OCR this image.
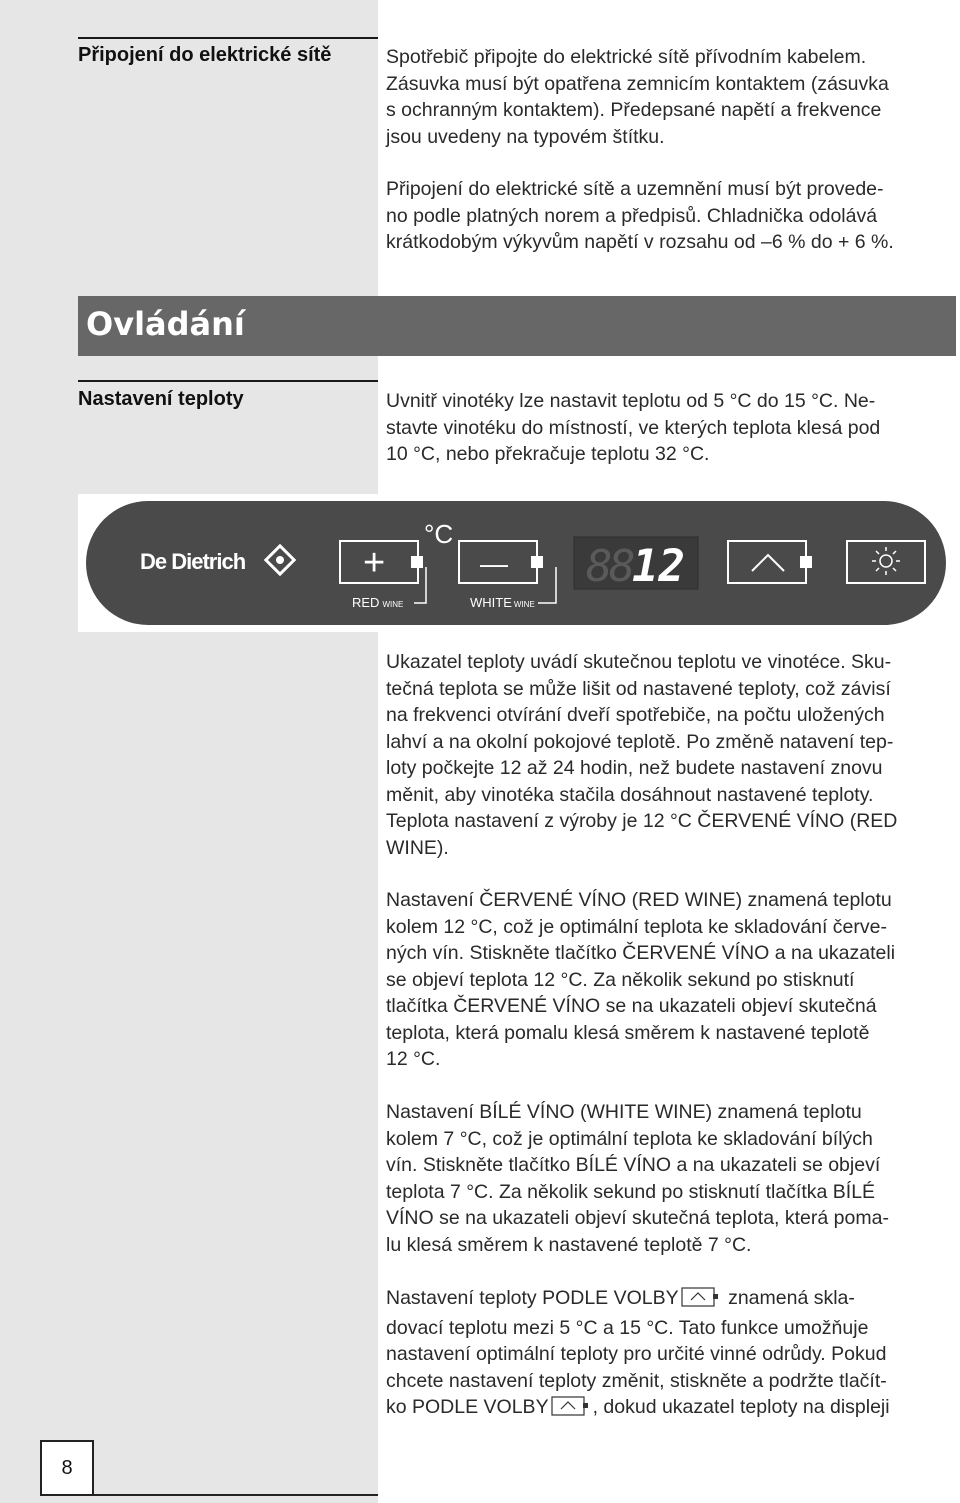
Připojení do elektrické sítě	Spotřebič připojte do elektrické sítě přívodním kabelem.
Zásuvka musí být opatřena zemnicím kontaktem (zásuvka
s ochranným kontaktem). Předepsané napětí a frekvence
jsou uvedeny na typovém štítku.
Připojení do elektrické sítě a uzemnění musí být provede-
no podle platných norem a předpisů. Chladnička odolává
krátkodobým výkyvům napětí v rozsahu od –6 % do + 6 %.
Ovládání
Nastavení teploty	Uvnitř vinotéky lze nastavit teplotu od 5 °C do 15 °C. Ne-
stavte vinotéku do místností, ve kterých teplota klesá pod
10 °C, nebo překračuje teplotu 32 °C.
De Dietrich
°C
+
RED WINE
—
WHITE WINE
8
8
12
Ukazatel teploty uvádí skutečnou teplotu ve vinotéce. Sku-
tečná teplota se může lišit od nastavené teploty, což závisí
na frekvenci otvírání dveří spotřebiče, na počtu uložených
lahví a na okolní pokojové teplotě. Po změně natavení tep-
loty počkejte 12 až 24 hodin, než budete nastavení znovu
měnit, aby vinotéka stačila dosáhnout nastavené teploty.
Teplota nastavení z výroby je 12 °C ČERVENÉ VÍNO (RED
WINE).
Nastavení ČERVENÉ VÍNO (RED WINE) znamená teplotu
kolem 12 °C, což je optimální teplota ke skladování červe-
ných vín. Stiskněte tlačítko ČERVENÉ VÍNO a na ukazateli
se objeví teplota 12 °C. Za několik sekund po stisknutí
tlačítka ČERVENÉ VÍNO se na ukazateli objeví skutečná
teplota, která pomalu klesá směrem k nastavené teplotě
12 °C.
Nastavení BÍLÉ VÍNO (WHITE WINE) znamená teplotu
kolem 7 °C, což je optimální teplota ke skladování bílých
vín. Stiskněte tlačítko BÍLÉ VÍNO a na ukazateli se objeví
teplota 7 °C. Za několik sekund po stisknutí tlačítka BÍLÉ
VÍNO se na ukazateli objeví skutečná teplota, která poma-
lu klesá směrem k nastavené teplotě 7 °C.
Nastavení teploty PODLE VOLBY	znamená skla-
dovací teplotu mezi 5 °C a 15 °C. Tato funkce umožňuje
nastavení optimální teploty pro určité vinné odrůdy. Pokud
chcete nastavení teploty změnit, stiskněte a podržte tlačít-
ko PODLE VOLBY , dokud ukazatel teploty na displeji
8
